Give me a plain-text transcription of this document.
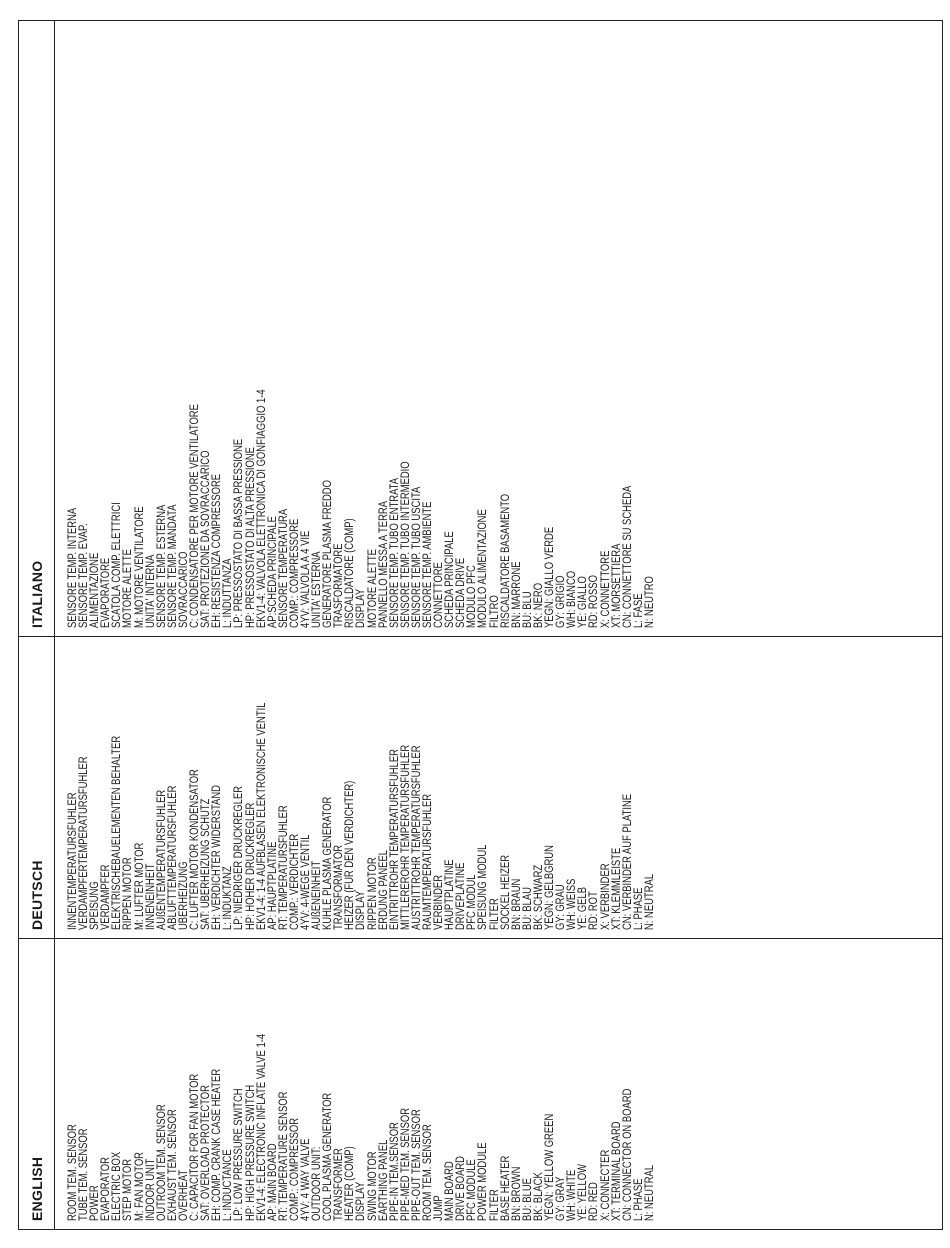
ENGLISH ROOM TEM. SENSOR TUBE TEM. SENSOR POWER EVAPORATOR ELECTRIC BOX STEP MOTOR M: FAN MOTOR INDOOR UNIT OUTROOM TEM. SENSOR EXHAUST TEM. SENSOR OVERHEAT C: CAPACITOR FOR FAN MOTOR SAT: OVERLOAD PROTECTOR EH: COMP. CRANK CASE HEATER L: INDUCTANCE LP: LOW PRESSURE SWITCH HP: HIGH PRESSURE SWITCH EKV1-4: ELECTRONIC INFLATE VALVE 1-4 AP: MAIN BOARD RT: TEMPERATURE SENSOR COMP.: COMPRESSOR 4YV: 4 WAY VALVE OUTDOOR UNIT: COOL PLASMA GENERATOR TRANSFORMER HEATER (COMP) DISPLAY SWING MOTOR EARTHING PANEL PIPE-IN TEM.SENSOR PIPE-MED TEM. SENSOR PIPE-OUT TEM. SENSOR ROOM TEM. SENSOR JUMP MAIN BOARD DRIVE BOARD PFC MODULE POWER MODULE FILTER BASE HEATER BN: BROWN BU: BLUE BK: BLACK YEGN: YELLOW GREEN GY: GRAY WH: WHITE YE: YELLOW RD: RED X: CONNECTER XT: TERMINAL BOARD CN: CONNECTOR ON BOARD L: PHASE N: NEUTRAL
DEUTSCH INNENTEMPERATURSFÜHLER VERDAMPFERTEMPERATURSFÜHLER SPEISUNG VERDAMPFER ELEKTRISCHEBAUELEMENTEN BEHÄLTER RIPPEN MOTOR M: LÜFTER MOTOR INNENEINHEIT AUßENTEMPERATURSFÜHLER ABLUFTTEMPERATURSFÜHLER ÜBERHEIZUNG C: LÜFTER MOTOR KONDENSATOR SAT: ÜBERHEIZUNG SCHUTZ EH: VERDICHTER WIDERSTAND L: INDUKTANZ LP: NIEDRIGER DRUCKREGLER HP: HOHER DRUCKREGLER EKV1-4: 1-4 AUFBLASEN ELEKTRONISCHE VENTIL AP: HAUPTPLATINE RT: TEMPERATURSFÜHLER COMP.: VERDICHTER 4YV: 4-WEGE VENTIL AUßENEINHEIT KÜHLE PLASMA GENERATOR TRANSFORMATOR HEIZER (FÜR DEN VERDICHTER) DISPLAY RIPPEN MOTOR ERDUNG PANEEL EINTRITTROHR TEMPERATURSFÜHLER MITTLEREROHR TEMPERATURSFÜHLER AUSTRITTROHR TEMPERATURSFÜHLER RAUMTEMPERATURSFÜHLER VERBINDER HAUPTPLATINE DRIVEPLATINE PFC MODUL SPEISUNG MODUL FILTER SOCKEL HEIZER BN: BRAUN BU: BLAU BK: SCHWARZ YEGN: GELBGRÜN GY: GRAU WH: WEISS YE: GELB RD: ROT X: VERBINDER XT: KLEMMLEISTE CN: VERBINDER AUF PLATINE L: PHASE N: NEUTRAL
ITALIANO SENSORE TEMP. INTERNA SENSORE TEMP. EVAP. ALIMENTAZIONE EVAPORATORE SCATOLA COMP. ELETTRICI MOTORE ALETTE M: MOTORE VENTILATORE UNITA' INTERNA SENSORE TEMP. ESTERNA SENSORE TEMP. MANDATA SOVRACCARICO C: CONDENSATORE PER MOTORE VENTILATORE SAT: PROTEZIONE DA SOVRACCARICO EH: RESISTENZA COMPRESSORE L: INDUTTANZA LP: PRESSOSTATO DI BASSA PRESSIONE HP: PRESSOSTATO DI ALTA PRESSIONE EKV1-4: VALVOLA ELETTRONICA DI GONFIAGGIO 1-4 AP:SCHEDA PRINCIPALE SENSORE TEMPERATURA COMP.: COMPRESSORE 4YV: VALVOLA A 4 VIE UNITA' ESTERNA GENERATORE PLASMA FREDDO TRASFORMATORE RISCALDATORE (COMP) DISPLAY MOTORE ALETTE PANNELLO MESSA A TERRA SENSORE TEMP. TUBO ENTRATA SENSORE TEMP. TUBO INTERMEDIO SENSORE TEMP. TUBO USCITA SENSORE TEMP. AMBIENTE CONNETTORE SCHEDA PRINCIPALE SCHEDA DRIVE MODULO PFC MODULO ALIMENTAZIONE FILTRO RISCALDATORE BASAMENTO BN: MARRONE BU: BLU BK: NERO YEGN: GIALLO VERDE GY: GRIGIO WH: BIANCO YE: GIALLO RD: ROSSO X: CONNETTORE XT: MORSETTIERA CN: CONNETTORE SU SCHEDA L: FASE N: NEUTRO
